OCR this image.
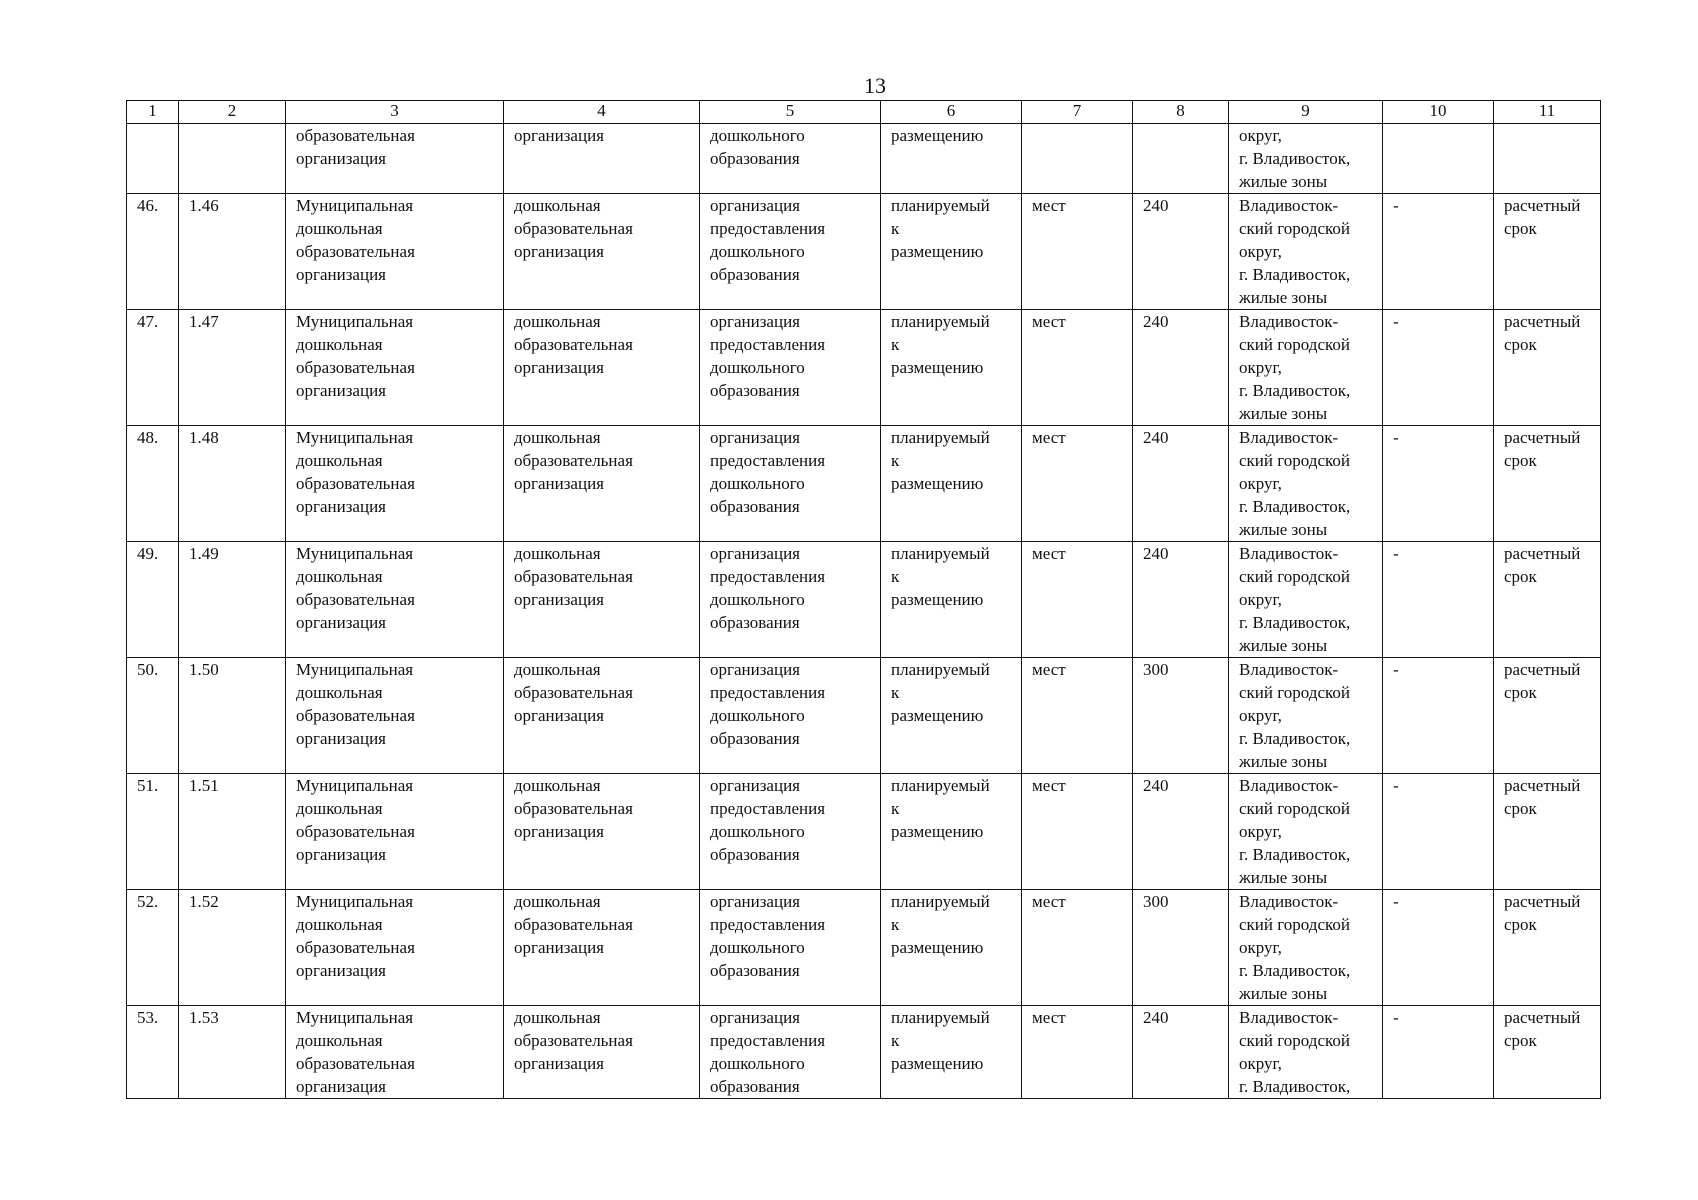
13
1	2	3	4	5	6	7	8	9	10	11

		образовательная
организация	организация	дошкольного
образования	размещению			округ,
г. Владивосток,
жилые зоны		

46.	1.46	Муниципальная
дошкольная
образовательная
организация	дошкольная
образовательная
организация	организация
предоставления
дошкольного
образования	планируемый
к
размещению	мест	240	Владивосток-
ский городской
округ,
г. Владивосток,
жилые зоны	-	расчетный
срок

47.	1.47	Муниципальная
дошкольная
образовательная
организация	дошкольная
образовательная
организация	организация
предоставления
дошкольного
образования	планируемый
к
размещению	мест	240	Владивосток-
ский городской
округ,
г. Владивосток,
жилые зоны	-	расчетный
срок

48.	1.48	Муниципальная
дошкольная
образовательная
организация	дошкольная
образовательная
организация	организация
предоставления
дошкольного
образования	планируемый
к
размещению	мест	240	Владивосток-
ский городской
округ,
г. Владивосток,
жилые зоны	-	расчетный
срок

49.	1.49	Муниципальная
дошкольная
образовательная
организация	дошкольная
образовательная
организация	организация
предоставления
дошкольного
образования	планируемый
к
размещению	мест	240	Владивосток-
ский городской
округ,
г. Владивосток,
жилые зоны	-	расчетный
срок

50.	1.50	Муниципальная
дошкольная
образовательная
организация	дошкольная
образовательная
организация	организация
предоставления
дошкольного
образования	планируемый
к
размещению	мест	300	Владивосток-
ский городской
округ,
г. Владивосток,
жилые зоны	-	расчетный
срок

51.	1.51	Муниципальная
дошкольная
образовательная
организация	дошкольная
образовательная
организация	организация
предоставления
дошкольного
образования	планируемый
к
размещению	мест	240	Владивосток-
ский городской
округ,
г. Владивосток,
жилые зоны	-	расчетный
срок

52.	1.52	Муниципальная
дошкольная
образовательная
организация	дошкольная
образовательная
организация	организация
предоставления
дошкольного
образования	планируемый
к
размещению	мест	300	Владивосток-
ский городской
округ,
г. Владивосток,
жилые зоны	-	расчетный
срок

53.	1.53	Муниципальная
дошкольная
образовательная
организация	дошкольная
образовательная
организация	организация
предоставления
дошкольного
образования	планируемый
к
размещению	мест	240	Владивосток-
ский городской
округ,
г. Владивосток,	-	расчетный
срок
